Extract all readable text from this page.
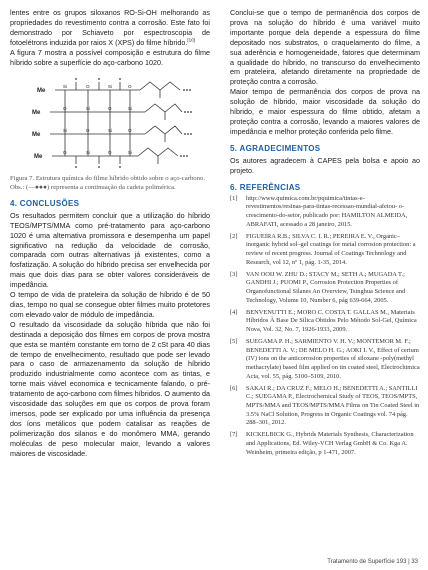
lentes entre os grupos siloxanos RO-Si-OH melhorando as propriedades do revestimento contra a corrosão. Este fato foi demonstrado por Schiaveto por espectroscopia de fotoelétrons induzida por raios X (XPS) do filme híbrido.[10]

A figura 7 mostra a possível composição e estrutura do filme híbrido sobre a superfície do aço-carbono 1020.

Si	O	Si	O
O	Si	O	Si
Si	O	Si	O
O	Si	O	Si
Me
Me
Me
Me

Figura 7. Estrutura química do filme híbrido obtido sobre o aço-carbono. Obs.: (—●●●) representa a continuação da cadeia polimérica.

4. CONCLUSÕES

Os resultados permitem concluir que a utilização do híbrido TEOS/MPTS/MMA como pré-tratamento para aço-carbono 1020 é uma alternativa promissora e desempenha um papel significativo na redução da velocidade de corrosão, comparada com outras alternativas já existentes, como a fosfatização. A solução do híbrido precisa ser envelhecida por mais que dois dias para se obter valores consideráveis de impedância.

O tempo de vida de prateleira da solução de híbrido é de 50 dias, tempo no qual se consegue obter filmes muito protetores com elevado valor de módulo de impedância.

O resultado da viscosidade da solução híbrida que não foi destinada a deposição dos filmes em corpos de prova mostra que esta se mantém constante em torno de 2 cSt para 40 dias de tempo de envelhecimento, resultado que pode ser levado para o caso de armazenamento da solução de híbrido produzido industrialmente como acontece com as tintas, e torne mais viável economica e tecnicamente falando, o pré-tratamento de aço-carbono com filmes híbridos. O aumento da viscosidade das soluções em que os corpos de prova foram imersos, pode ser explicado por uma influência da presença dos íons metálicos que podem catalisar as reações de polimerização dos silanos e do monômero MMA, gerando moléculas de peso molecular maior, levando a valores maiores de viscosidade.

Conclui-se que o tempo de permanência dos corpos de prova na solução do híbrido é uma variável muito importante porque dela depende a espessura do filme depositado nos substratos, o craquelamento do filme, a sua aderência e homogeneidade, fatores que determinam a qualidade do híbrido, no transcurso do envelhecimento em prateleira, afetando diretamente na propriedade de proteção contra a corrosão.

Maior tempo de permanência dos corpos de prova na solução de híbrido, maior viscosidade da solução do híbrido, e maior espessura do filme obtido, afetam a proteção contra a corrosão, levando a maiores valores de impedância e melhor proteção conferida pelo filme.

5. AGRADECIMENTOS

Os autores agradecem à CAPES pela bolsa e apoio ao projeto.

6. REFERÊNCIAS
[1]	http://www.quimica.com.br/pquimica/tintas-e-revestimentos/resinas-para-tintas-recessao-mundial-afetou- o-crescimento-do-setor, publicado por: HAMILTON ALMEIDA, ABRAFATI, acessado a 28 janeiro, 2015.
[2]	FIGUEIRA R.B.; SILVA C. I. R.; PEREIRA E. V., Organic–inorganic hybrid sol–gel coatings for metal corrosion protection: a review of recent progress. Journal of Coatings Technology and Research, vol 12, nº 1, pág. 1-35, 2014.
[3]	VAN OOIJ W. ZHU D.; STACY M.; SETH A.; MUGADA T.; GANDHI J.; PUOMI P., Corrosion Protection Properties of Organofunctional Silanes An Overview, Tsinghua Science and Technology, Volume 10, Number 6, pág 639-664, 2005.
[4]	BENVENUTTI E.; MORO C. COSTA T. GALLAS M., Materiais Híbridos À Base De Sílica Obtidos Pelo Método Sol-Gel, Química Nova, Vol. 32, No. 7, 1926-1933, 2009.
[5]	SUEGAMA P. H.; SARMIENTO V. H. V.; MONTEMOR M. F.; BENEDETTI A. V.; DE MELO H. G.; AOKI I. V., Effect of cerium (IV) ions on the anticorrosion properties of siloxane -poly(methyl methacrylate) based film applied on tin coated steel, Electrochimica Acta, vol. 55, pág. 5100–5109, 2010.
[6]	SAKAI R.; DA CRUZ F.; MELO H.; BENEDETTI A.; SANTILLI C.; SUEGAMA P., Electrochemical Study of TEOS, TEOS/MPTS, MPTS/MMA and TEOS/MPTS/MMA Films on Tin Coated Steel in 3.5% NaCl Solution, Progress in Organic Coatings vol. 74 pág. 288–301, 2012.
[7]	KICKELBICK G., Hybrids Materials Synthesis, Characterization and Applications, Ed. Wiley-VCH Verlag GmbH & Co. Kga A. Weinheim, primeira edição, p 1-471, 2007.
Tratamento de Superfície 193 | 33
